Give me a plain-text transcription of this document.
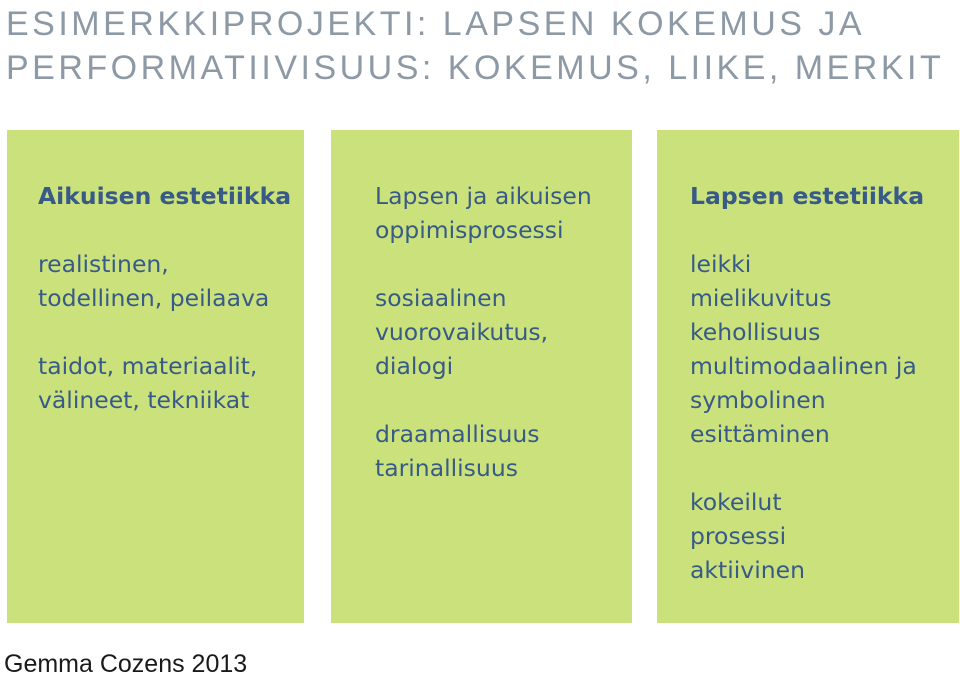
ESIMERKKIPROJEKTI: LAPSEN KOKEMUS JA
PERFORMATIIVISUUS: KOKEMUS, LIIKE, MERKIT
Aikuisen estetiikka
realistinen,
todellinen, peilaava
taidot, materiaalit,
välineet, tekniikat
Lapsen ja aikuisen
oppimisprosessi
sosiaalinen
vuorovaikutus,
dialogi
draamallisuus
tarinallisuus
Lapsen estetiikka
leikki
mielikuvitus
kehollisuus
multimodaalinen ja
symbolinen
esittäminen
kokeilut
prosessi
aktiivinen
Gemma Cozens 2013
